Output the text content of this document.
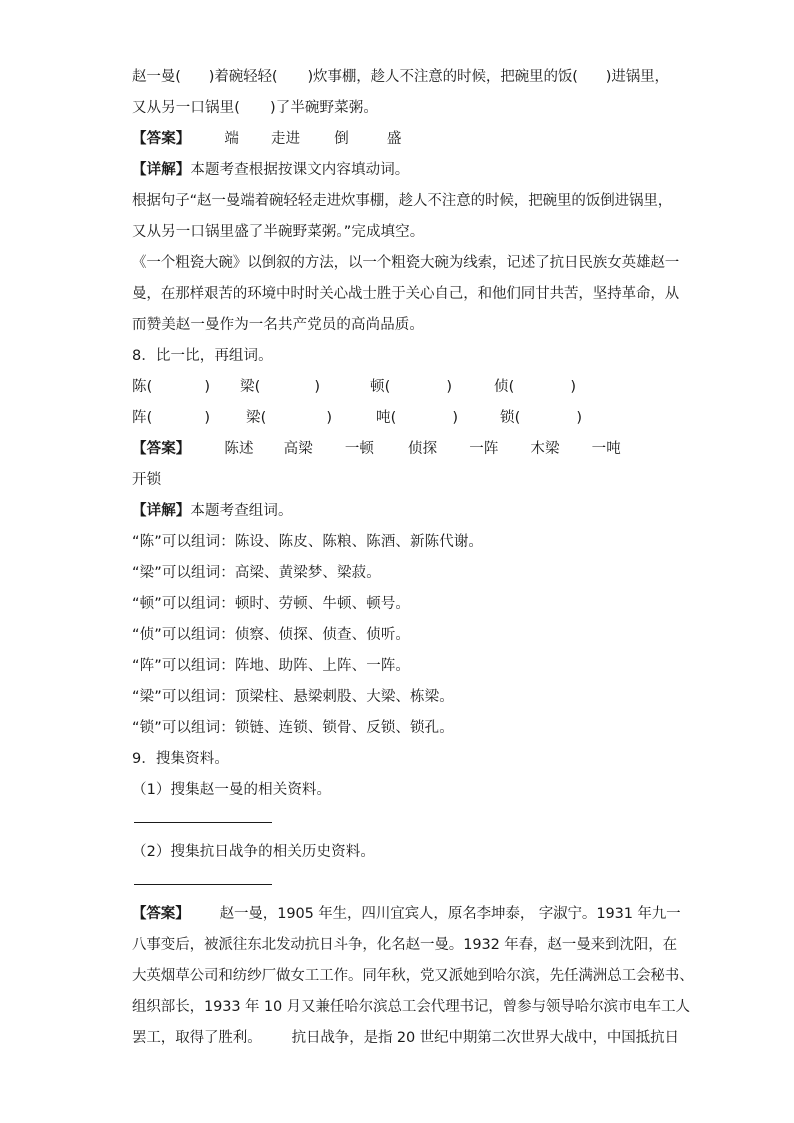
赵一曼( )着碗轻轻( )炊事棚，趁人不注意的时候，把碗里的饭( )进锅里，
又从另一口锅里( )了半碗野菜粥。
【答案】 端 走进 倒	盛
【详解】本题考查根据按课文内容填动词。
根据句子“赵一曼端着碗轻轻走进炊事棚，趁人不注意的时候，把碗里的饭倒进锅里，
又从另一口锅里盛了半碗野菜粥。”完成填空。
《一个粗瓷大碗》以倒叙的方法，以一个粗瓷大碗为线索，记述了抗日民族女英雄赵一
曼，在那样艰苦的环境中时时关心战士胜于关心自己，和他们同甘共苦，坚持革命，从
而赞美赵一曼作为一名共产党员的高尚品质。
8．比一比，再组词。
陈(	) 梁(	)	顿(	)	侦(	)
阵(	) 梁(	)	吨(	)	锁(	)
【答案】 陈述 高梁 一顿 侦探 一阵 木梁 一吨
开锁
【详解】本题考查组词。
“陈”可以组词：陈设、陈皮、陈粮、陈酒、新陈代谢。
“梁”可以组词：高梁、黄梁梦、梁菽。
“顿”可以组词：顿时、劳顿、牛顿、顿号。
“侦”可以组词：侦察、侦探、侦查、侦听。
“阵”可以组词：阵地、助阵、上阵、一阵。
“梁”可以组词：顶梁柱、悬梁刺股、大梁、栋梁。
“锁”可以组词：锁链、连锁、锁骨、反锁、锁孔。
9．搜集资料。
（1）搜集赵一曼的相关资料。
（2）搜集抗日战争的相关历史资料。
【答案】 赵一曼，1905 年生，四川宜宾人，原名李坤泰， 字淑宁。1931 年九一
八事变后，被派往东北发动抗日斗争，化名赵一曼。1932 年春，赵一曼来到沈阳，在
大英烟草公司和纺纱厂做女工工作。同年秋，党又派她到哈尔滨，先任满洲总工会秘书、
组织部长，1933 年 10 月又兼任哈尔滨总工会代理书记，曾参与领导哈尔滨市电车工人
罢工，取得了胜利。 抗日战争，是指 20 世纪中期第二次世界大战中，中国抵抗日
